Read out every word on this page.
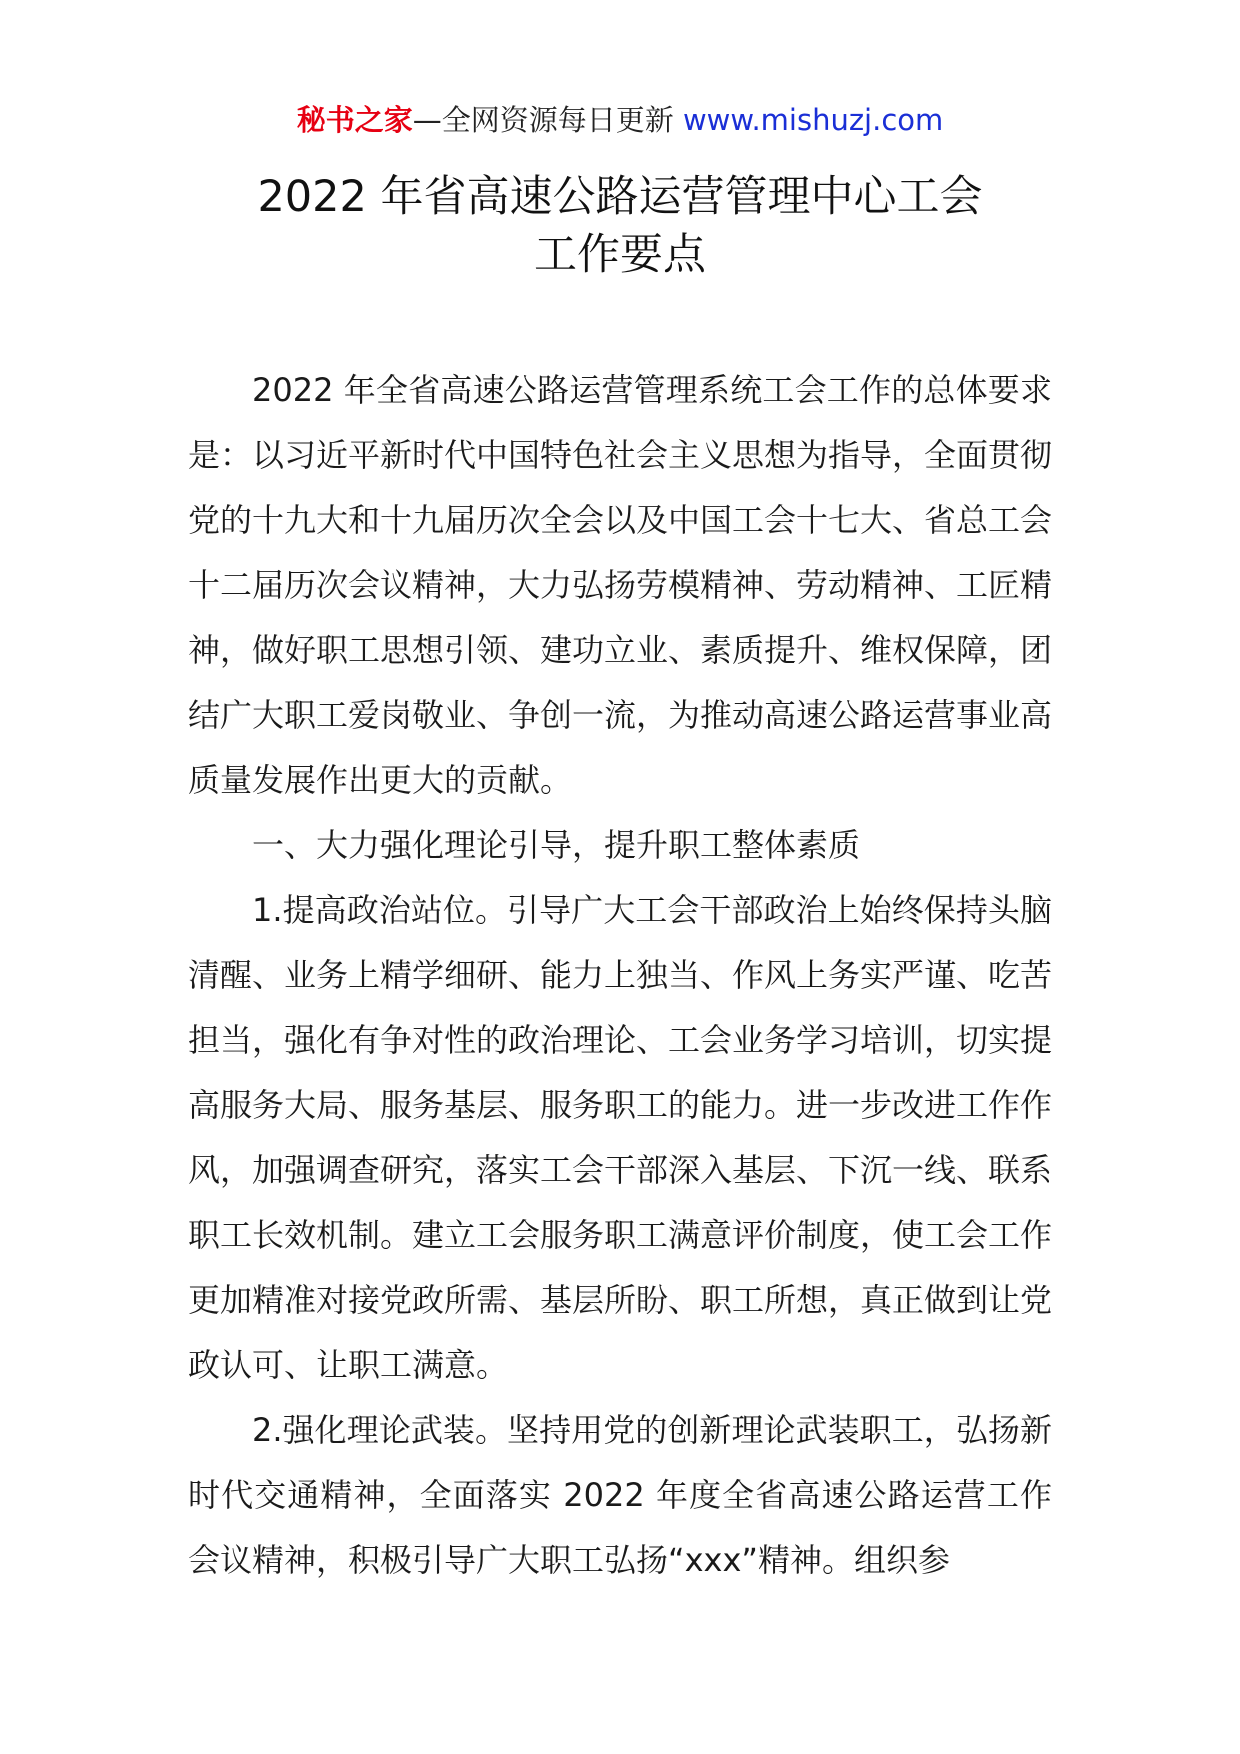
秘书之家—全网资源每日更新 www.mishuzj.com
2022 年省高速公路运营管理中心工会
工作要点

2022 年全省高速公路运营管理系统工会工作的总体要求是：以习近平新时代中国特色社会主义思想为指导，全面贯彻党的十九大和十九届历次全会以及中国工会十七大、省总工会十二届历次会议精神，大力弘扬劳模精神、劳动精神、工匠精神，做好职工思想引领、建功立业、素质提升、维权保障，团结广大职工爱岗敬业、争创一流，为推动高速公路运营事业高质量发展作出更大的贡献。

一、大力强化理论引导，提升职工整体素质

1.提高政治站位。引导广大工会干部政治上始终保持头脑清醒、业务上精学细研、能力上独当、作风上务实严谨、吃苦担当，强化有争对性的政治理论、工会业务学习培训，切实提高服务大局、服务基层、服务职工的能力。进一步改进工作作风，加强调查研究，落实工会干部深入基层、下沉一线、联系职工长效机制。建立工会服务职工满意评价制度，使工会工作更加精准对接党政所需、基层所盼、职工所想，真正做到让党政认可、让职工满意。

2.强化理论武装。坚持用党的创新理论武装职工，弘扬新时代交通精神，全面落实 2022 年度全省高速公路运营工作会议精神，积极引导广大职工弘扬“xxx”精神。组织参
